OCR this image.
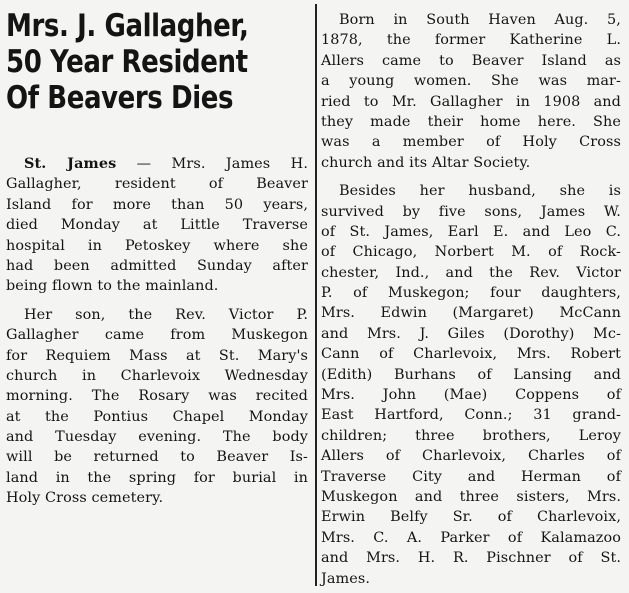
Mrs. J. Gallagher,
50 Year Resident
Of Beavers Dies
St. James — Mrs. James H.
Gallagher, resident of Beaver
Island for more than 50 years,
died Monday at Little Traverse
hospital in Petoskey where she
had been admitted Sunday after
being flown to the mainland.
Her son, the Rev. Victor P.
Gallagher came from Muskegon
for Requiem Mass at St. Mary's
church in Charlevoix Wednesday
morning. The Rosary was recited
at the Pontius Chapel Monday
and Tuesday evening. The body
will be returned to Beaver Is-
land in the spring for burial in
Holy Cross cemetery.
Born in South Haven Aug. 5,
1878, the former Katherine L.
Allers came to Beaver Island as
a young women. She was mar-
ried to Mr. Gallagher in 1908 and
they made their home here. She
was a member of Holy Cross
church and its Altar Society.
Besides her husband, she is
survived by five sons, James W.
of St. James, Earl E. and Leo C.
of Chicago, Norbert M. of Rock-
chester, Ind., and the Rev. Victor
P. of Muskegon; four daughters,
Mrs. Edwin (Margaret) McCann
and Mrs. J. Giles (Dorothy) Mc-
Cann of Charlevoix, Mrs. Robert
(Edith) Burhans of Lansing and
Mrs. John (Mae) Coppens of
East Hartford, Conn.; 31 grand-
children; three brothers, Leroy
Allers of Charlevoix, Charles of
Traverse City and Herman of
Muskegon and three sisters, Mrs.
Erwin Belfy Sr. of Charlevoix,
Mrs. C. A. Parker of Kalamazoo
and Mrs. H. R. Pischner of St.
James.
